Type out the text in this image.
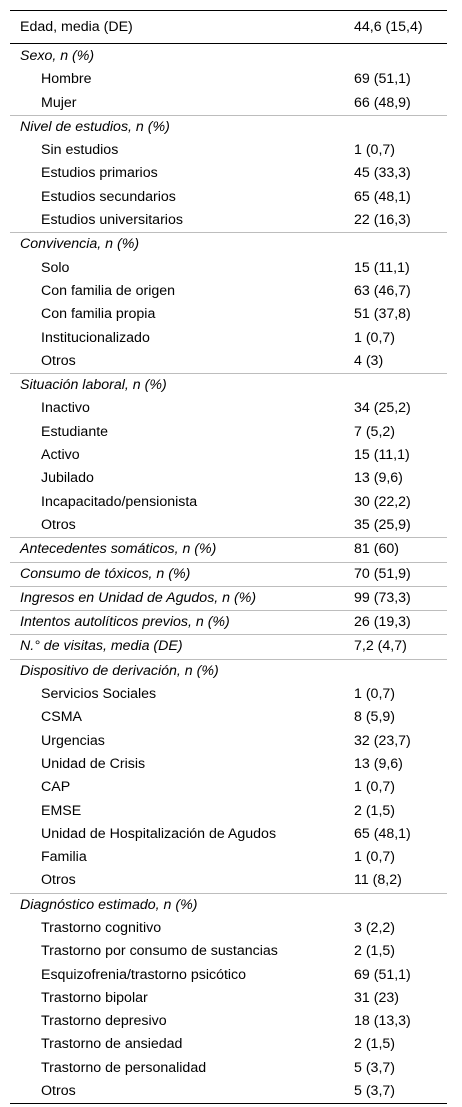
Edad, media (DE)	44,6 (15,4)
Sexo, n (%)
Hombre	69 (51,1)
Mujer	66 (48,9)
Nivel de estudios, n (%)
Sin estudios	1 (0,7)
Estudios primarios	45 (33,3)
Estudios secundarios	65 (48,1)
Estudios universitarios	22 (16,3)
Convivencia, n (%)
Solo	15 (11,1)
Con familia de origen	63 (46,7)
Con familia propia	51 (37,8)
Institucionalizado	1 (0,7)
Otros	4 (3)
Situación laboral, n (%)
Inactivo	34 (25,2)
Estudiante	7 (5,2)
Activo	15 (11,1)
Jubilado	13 (9,6)
Incapacitado/pensionista	30 (22,2)
Otros	35 (25,9)
Antecedentes somáticos, n (%)	81 (60)
Consumo de tóxicos, n (%)	70 (51,9)
Ingresos en Unidad de Agudos, n (%)	99 (73,3)
Intentos autolíticos previos, n (%)	26 (19,3)
N.° de visitas, media (DE)	7,2 (4,7)
Dispositivo de derivación, n (%)
Servicios Sociales	1 (0,7)
CSMA	8 (5,9)
Urgencias	32 (23,7)
Unidad de Crisis	13 (9,6)
CAP	1 (0,7)
EMSE	2 (1,5)
Unidad de Hospitalización de Agudos	65 (48,1)
Familia	1 (0,7)
Otros	11 (8,2)
Diagnóstico estimado, n (%)
Trastorno cognitivo	3 (2,2)
Trastorno por consumo de sustancias	2 (1,5)
Esquizofrenia/trastorno psicótico	69 (51,1)
Trastorno bipolar	31 (23)
Trastorno depresivo	18 (13,3)
Trastorno de ansiedad	2 (1,5)
Trastorno de personalidad	5 (3,7)
Otros	5 (3,7)
